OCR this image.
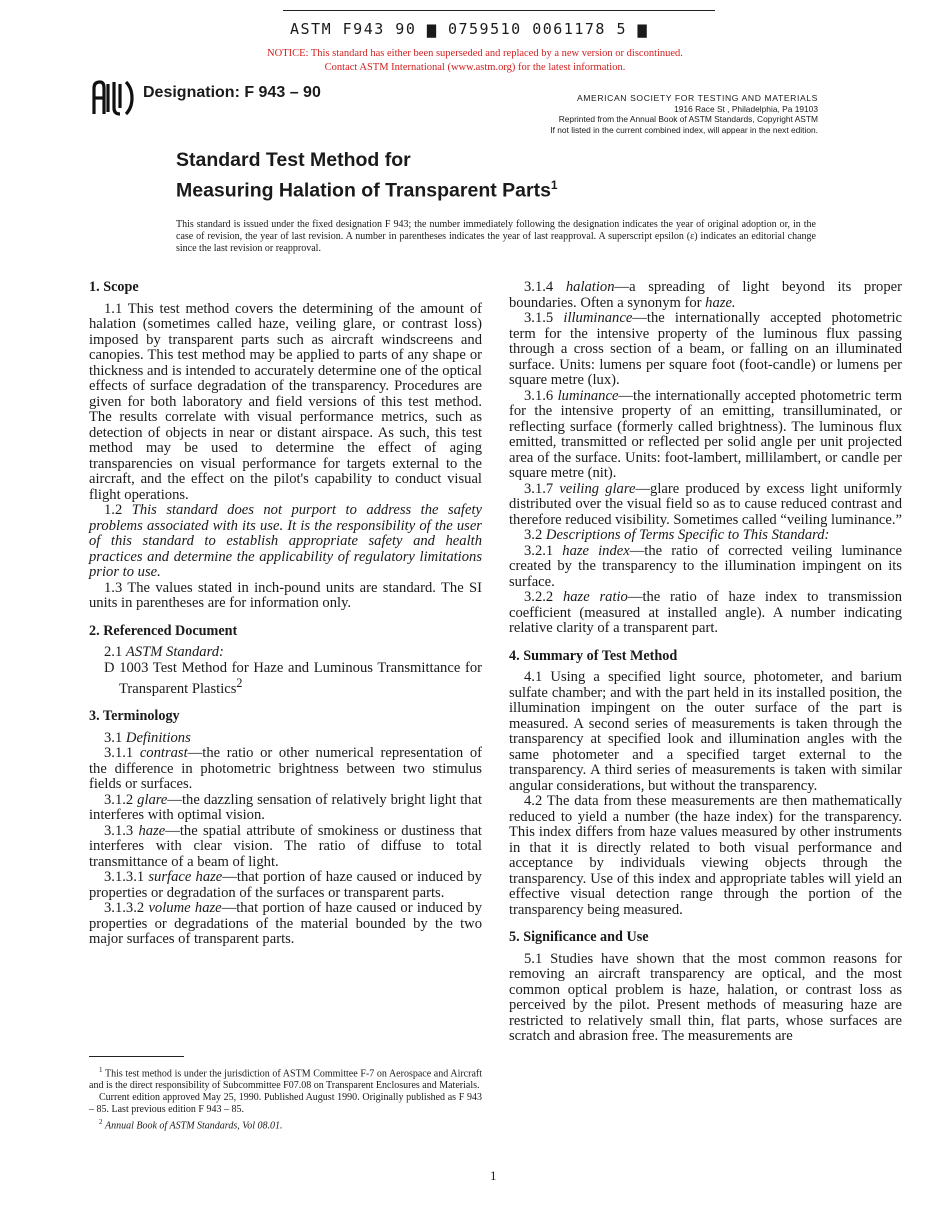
ASTM F943 90 ▆ 0759510 0061178 5 ▆
NOTICE: This standard has either been superseded and replaced by a new version or discontinued.
Contact ASTM International (www.astm.org) for the latest information.
Designation: F 943 – 90	AMERICAN SOCIETY FOR TESTING AND MATERIALS
1916 Race St , Philadelphia, Pa 19103
Reprinted from the Annual Book of ASTM Standards, Copyright ASTM
If not listed in the current combined index, will appear in the next edition.
Standard Test Method for
Measuring Halation of Transparent Parts$^1$
This standard is issued under the fixed designation F 943; the number immediately following the designation indicates the year of original adoption or, in the case of revision, the year of last revision. A number in parentheses indicates the year of last reapproval. A superscript epsilon (ε) indicates an editorial change since the last revision or reapproval.
1. Scope

1.1 This test method covers the determining of the amount of halation (sometimes called haze, veiling glare, or contrast loss) imposed by transparent parts such as aircraft windscreens and canopies. This test method may be applied to parts of any shape or thickness and is intended to accurately determine one of the optical effects of surface degradation of the transparency. Procedures are given for both laboratory and field versions of this test method. The results correlate with visual performance metrics, such as detection of objects in near or distant airspace. As such, this test method may be used to determine the effect of aging transparencies on visual performance for targets external to the aircraft, and the effect on the pilot's capability to conduct visual flight operations.

1.2 This standard does not purport to address the safety problems associated with its use. It is the responsibility of the user of this standard to establish appropriate safety and health practices and determine the applicability of regulatory limitations prior to use.

1.3 The values stated in inch-pound units are standard. The SI units in parentheses are for information only.

2. Referenced Document

2.1 ASTM Standard:

D 1003 Test Method for Haze and Luminous Transmittance for Transparent Plastics$^2$

3. Terminology

3.1 Definitions

3.1.1 contrast—the ratio or other numerical representation of the difference in photometric brightness between two stimulus fields or surfaces.

3.1.2 glare—the dazzling sensation of relatively bright light that interferes with optimal vision.

3.1.3 haze—the spatial attribute of smokiness or dustiness that interferes with clear vision. The ratio of diffuse to total transmittance of a beam of light.

3.1.3.1 surface haze—that portion of haze caused or induced by properties or degradation of the surfaces or transparent parts.

3.1.3.2 volume haze—that portion of haze caused or induced by properties or degradations of the material bounded by the two major surfaces of transparent parts.

3.1.4 halation—a spreading of light beyond its proper boundaries. Often a synonym for haze.

3.1.5 illuminance—the internationally accepted photometric term for the intensive property of the luminous flux passing through a cross section of a beam, or falling on an illuminated surface. Units: lumens per square foot (foot-candle) or lumens per square metre (lux).

3.1.6 luminance—the internationally accepted photometric term for the intensive property of an emitting, transilluminated, or reflecting surface (formerly called brightness). The luminous flux emitted, transmitted or reflected per solid angle per unit projected area of the surface. Units: foot-lambert, millilambert, or candle per square metre (nit).

3.1.7 veiling glare—glare produced by excess light uniformly distributed over the visual field so as to cause reduced contrast and therefore reduced visibility. Sometimes called “veiling luminance.”

3.2 Descriptions of Terms Specific to This Standard:

3.2.1 haze index—the ratio of corrected veiling luminance created by the transparency to the illumination impingent on its surface.

3.2.2 haze ratio—the ratio of haze index to transmission coefficient (measured at installed angle). A number indicating relative clarity of a transparent part.

4. Summary of Test Method

4.1 Using a specified light source, photometer, and barium sulfate chamber; and with the part held in its installed position, the illumination impingent on the outer surface of the part is measured. A second series of measurements is taken through the transparency at specified look and illumination angles with the same photometer and a specified target external to the transparency. A third series of measurements is taken with similar angular considerations, but without the transparency.

4.2 The data from these measurements are then mathematically reduced to yield a number (the haze index) for the transparency. This index differs from haze values measured by other instruments in that it is directly related to both visual performance and acceptance by individuals viewing objects through the transparency. Use of this index and appropriate tables will yield an effective visual detection range through the portion of the transparency being measured.

5. Significance and Use

5.1 Studies have shown that the most common reasons for removing an aircraft transparency are optical, and the most common optical problem is haze, halation, or contrast loss as perceived by the pilot. Present methods of measuring haze are restricted to relatively small thin, flat parts, whose surfaces are scratch and abrasion free. The measurements are

$^1$ This test method is under the jurisdiction of ASTM Committee F-7 on Aerospace and Aircraft and is the direct responsibility of Subcommittee F07.08 on Transparent Enclosures and Materials.

Current edition approved May 25, 1990. Published August 1990. Originally published as F 943 – 85. Last previous edition F 943 – 85.

$^2$ Annual Book of ASTM Standards, Vol 08.01.

1
